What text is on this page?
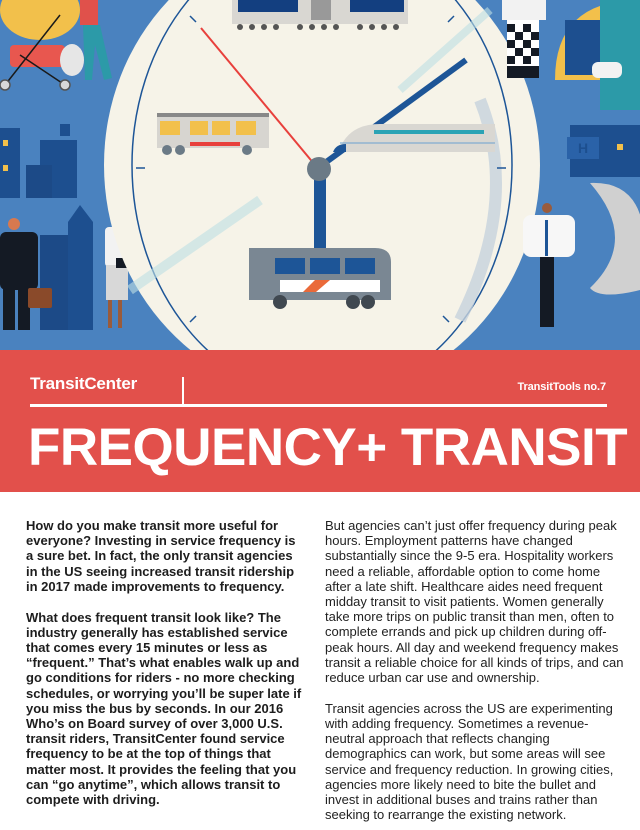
H
TransitCenter	TransitTools no.7
FREQUENCY+ TRANSIT

How do you make transit more useful for everyone? Investing in service frequency is a sure bet. In fact, the only transit agencies in the US seeing increased transit ridership in 2017 made improvements to frequency.

What does frequent transit look like? The industry generally has established service that comes every 15 minutes or less as “frequent.” That’s what enables walk up and go conditions for riders - no more checking schedules, or worrying you’ll be super late if you miss the bus by seconds. In our 2016 Who’s on Board survey of over 3,000 U.S. transit riders, TransitCenter found service frequency to be at the top of things that matter most. It provides the feeling that you can “go anytime”, which allows transit to compete with driving.

But agencies can’t just offer frequency during peak hours. Employment patterns have changed substantially since the 9-5 era. Hospitality workers need a reliable, affordable option to come home after a late shift. Healthcare aides need frequent midday transit to visit patients. Women generally take more trips on public transit than men, often to complete errands and pick up children during off-peak hours. All day and weekend frequency makes transit a reliable choice for all kinds of trips, and can reduce urban car use and ownership.

Transit agencies across the US are experimenting with adding frequency. Sometimes a revenue-neutral approach that reflects changing demographics can work, but some areas will see service and frequency reduction. In growing cities, agencies more likely need to bite the bullet and invest in additional buses and trains rather than seeking to rearrange the existing network.
